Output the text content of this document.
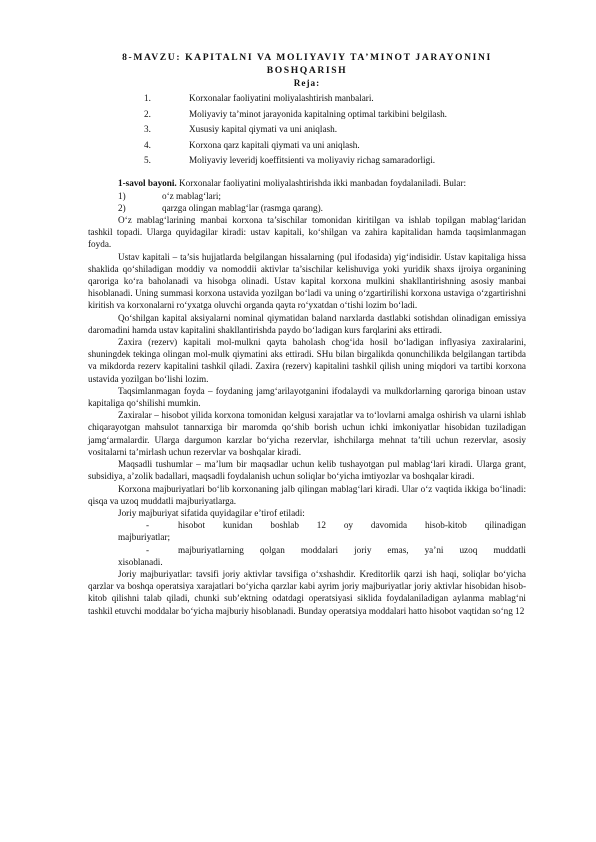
8-MAVZU: KAPITALNI VA MOLIYAVIY TA’MINOT JARAYONINI BOSHQARISH
Reja:
1.	Korxonalar faoliyatini moliyalashtirish manbalari.
2.	Moliyaviy ta’minot jarayonida kapitalning optimal tarkibini belgilash.
3.	Xususiy kapital qiymati va uni aniqlash.
4.	Korxona qarz kapitali qiymati va uni aniqlash.
5.	Moliyaviy leveridj koeffitsienti va moliyaviy richag samaradorligi.

1-savol bayoni. Korxonalar faoliyatini moliyalashtirishda ikki manbadan foydalaniladi. Bular:

1)	o‘z mablag‘lari;
2)	qarzga olingan mablag‘lar (rasmga qarang).

O‘z mablag‘larining manbai korxona ta’sischilar tomonidan kiritilgan va ishlab topilgan mablag‘laridan tashkil topadi. Ularga quyidagilar kiradi: ustav kapitali, ko‘shilgan va zahira kapitalidan hamda taqsimlanmagan foyda.

Ustav kapitali – ta’sis hujjatlarda belgilangan hissalarning (pul ifodasida) yig‘indisidir. Ustav kapitaliga hissa shaklida qo‘shiladigan moddiy va nomoddii aktivlar ta’sischilar kelishuviga yoki yuridik shaxs ijroiya organining qaroriga ko‘ra baholanadi va hisobga olinadi. Ustav kapital korxona mulkini shakllantirishning asosiy manbai hisoblanadi. Uning summasi korxona ustavida yozilgan bo‘ladi va uning o‘zgartirilishi korxona ustaviga o‘zgartirishni kiritish va korxonalarni ro‘yxatga oluvchi organda qayta ro‘yxatdan o‘tishi lozim bo‘ladi.

Qo‘shilgan kapital aksiyalarni nominal qiymatidan baland narxlarda dastlabki sotishdan olinadigan emissiya daromadini hamda ustav kapitalini shakllantirishda paydo bo‘ladigan kurs farqlarini aks ettiradi.

Zaxira (rezerv) kapitali mol-mulkni qayta baholash chog‘ida hosil bo‘ladigan inflyasiya zaxiralarini, shuningdek tekinga olingan mol-mulk qiymatini aks ettiradi. SHu bilan birgalikda qonunchilikda belgilangan tartibda va mikdorda rezerv kapitalini tashkil qiladi. Zaxira (rezerv) kapitalini tashkil qilish uning miqdori va tartibi korxona ustavida yozilgan bo‘lishi lozim.

Taqsimlanmagan foyda – foydaning jamg‘arilayotganini ifodalaydi va mulkdorlarning qaroriga binoan ustav kapitaliga qo‘shilishi mumkin.

Zaxiralar – hisobot yilida korxona tomonidan kelgusi xarajatlar va to‘lovlarni amalga oshirish va ularni ishlab chiqarayotgan mahsulot tannarxiga bir maromda qo‘shib borish uchun ichki imkoniyatlar hisobidan tuziladigan jamg‘armalardir. Ularga dargumon karzlar bo‘yicha rezervlar, ishchilarga mehnat ta’tili uchun rezervlar, asosiy vositalarni ta’mirlash uchun rezervlar va boshqalar kiradi.

Maqsadli tushumlar – ma’lum bir maqsadlar uchun kelib tushayotgan pul mablag‘lari kiradi. Ularga grant, subsidiya, a’zolik badallari, maqsadli foydalanish uchun soliqlar bo‘yicha imtiyozlar va boshqalar kiradi.

Korxona majburiyatlari bo‘lib korxonaning jalb qilingan mablag‘lari kiradi. Ular o‘z vaqtida ikkiga bo‘linadi: qisqa va uzoq muddatli majburiyatlarga.

Joriy majburiyat sifatida quyidagilar e’tirof etiladi:

-	hisobot kunidan boshlab 12 oy davomida hisob-kitob qilinadigan
majburiyatlar;
-	majburiyatlarning qolgan moddalari joriy emas, ya’ni uzoq muddatli
xisoblanadi.

Joriy majburiyatlar: tavsifi joriy aktivlar tavsifiga o‘xshashdir. Kreditorlik qarzi ish haqi, soliqlar bo‘yicha qarzlar va boshqa operatsiya xarajatlari bo‘yicha qarzlar kabi ayrim joriy majburiyatlar joriy aktivlar hisobidan hisob-kitob qilishni talab qiladi, chunki sub’ektning odatdagi operatsiyasi siklida foydalaniladigan aylanma mablag‘ni tashkil etuvchi moddalar bo‘yicha majburiy hisoblanadi. Bunday operatsiya moddalari hatto hisobot vaqtidan so‘ng 12
